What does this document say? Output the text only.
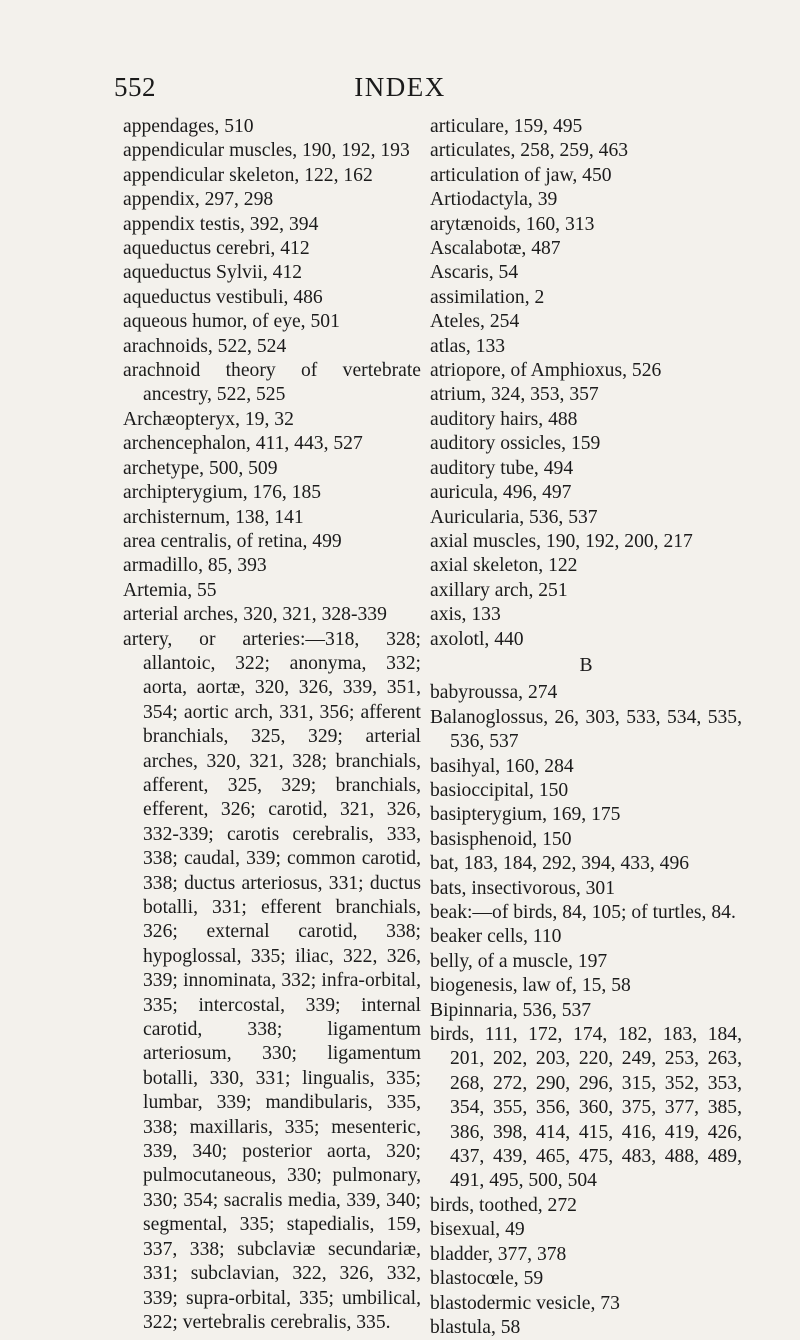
552	INDEX
appendages, 510
appendicular muscles, 190, 192, 193
appendicular skeleton, 122, 162
appendix, 297, 298
appendix testis, 392, 394
aqueductus cerebri, 412
aqueductus Sylvii, 412
aqueductus vestibuli, 486
aqueous humor, of eye, 501
arachnoids, 522, 524
arachnoid theory of vertebrate ancestry, 522, 525
Archæopteryx, 19, 32
archencephalon, 411, 443, 527
archetype, 500, 509
archipterygium, 176, 185
archisternum, 138, 141
area centralis, of retina, 499
armadillo, 85, 393
Artemia, 55
arterial arches, 320, 321, 328-339
artery, or arteries:—318, 328; allantoic, 322; anonyma, 332; aorta, aortæ, 320, 326, 339, 351, 354; aortic arch, 331, 356; afferent branchials, 325, 329; arterial arches, 320, 321, 328; branchials, afferent, 325, 329; branchials, efferent, 326; carotid, 321, 326, 332-339; carotis cerebralis, 333, 338; caudal, 339; common carotid, 338; ductus arteriosus, 331; ductus botalli, 331; efferent branchials, 326; external carotid, 338; hypoglossal, 335; iliac, 322, 326, 339; innominata, 332; infra-orbital, 335; intercostal, 339; internal carotid, 338; ligamentum arteriosum, 330; ligamentum botalli, 330, 331; lingualis, 335; lumbar, 339; mandibularis, 335, 338; maxillaris, 335; mesenteric, 339, 340; posterior aorta, 320; pulmocutaneous, 330; pulmonary, 330; 354; sacralis media, 339, 340; segmental, 335; stapedialis, 159, 337, 338; subclaviæ secundariæ, 331; subclavian, 322, 326, 332, 339; supra-orbital, 335; umbilical, 322; vertebralis cerebralis, 335.
articulare, 159, 495
articulates, 258, 259, 463
articulation of jaw, 450
Artiodactyla, 39
arytænoids, 160, 313
Ascalabotæ, 487
Ascaris, 54
assimilation, 2
Ateles, 254
atlas, 133
atriopore, of Amphioxus, 526
atrium, 324, 353, 357
auditory hairs, 488
auditory ossicles, 159
auditory tube, 494
auricula, 496, 497
Auricularia, 536, 537
axial muscles, 190, 192, 200, 217
axial skeleton, 122
axillary arch, 251
axis, 133
axolotl, 440
B
babyroussa, 274
Balanoglossus, 26, 303, 533, 534, 535, 536, 537
basihyal, 160, 284
basioccipital, 150
basipterygium, 169, 175
basisphenoid, 150
bat, 183, 184, 292, 394, 433, 496
bats, insectivorous, 301
beak:—of birds, 84, 105; of turtles, 84.
beaker cells, 110
belly, of a muscle, 197
biogenesis, law of, 15, 58
Bipinnaria, 536, 537
birds, 111, 172, 174, 182, 183, 184, 201, 202, 203, 220, 249, 253, 263, 268, 272, 290, 296, 315, 352, 353, 354, 355, 356, 360, 375, 377, 385, 386, 398, 414, 415, 416, 419, 426, 437, 439, 465, 475, 483, 488, 489, 491, 495, 500, 504
birds, toothed, 272
bisexual, 49
bladder, 377, 378
blastocœle, 59
blastodermic vesicle, 73
blastula, 58
